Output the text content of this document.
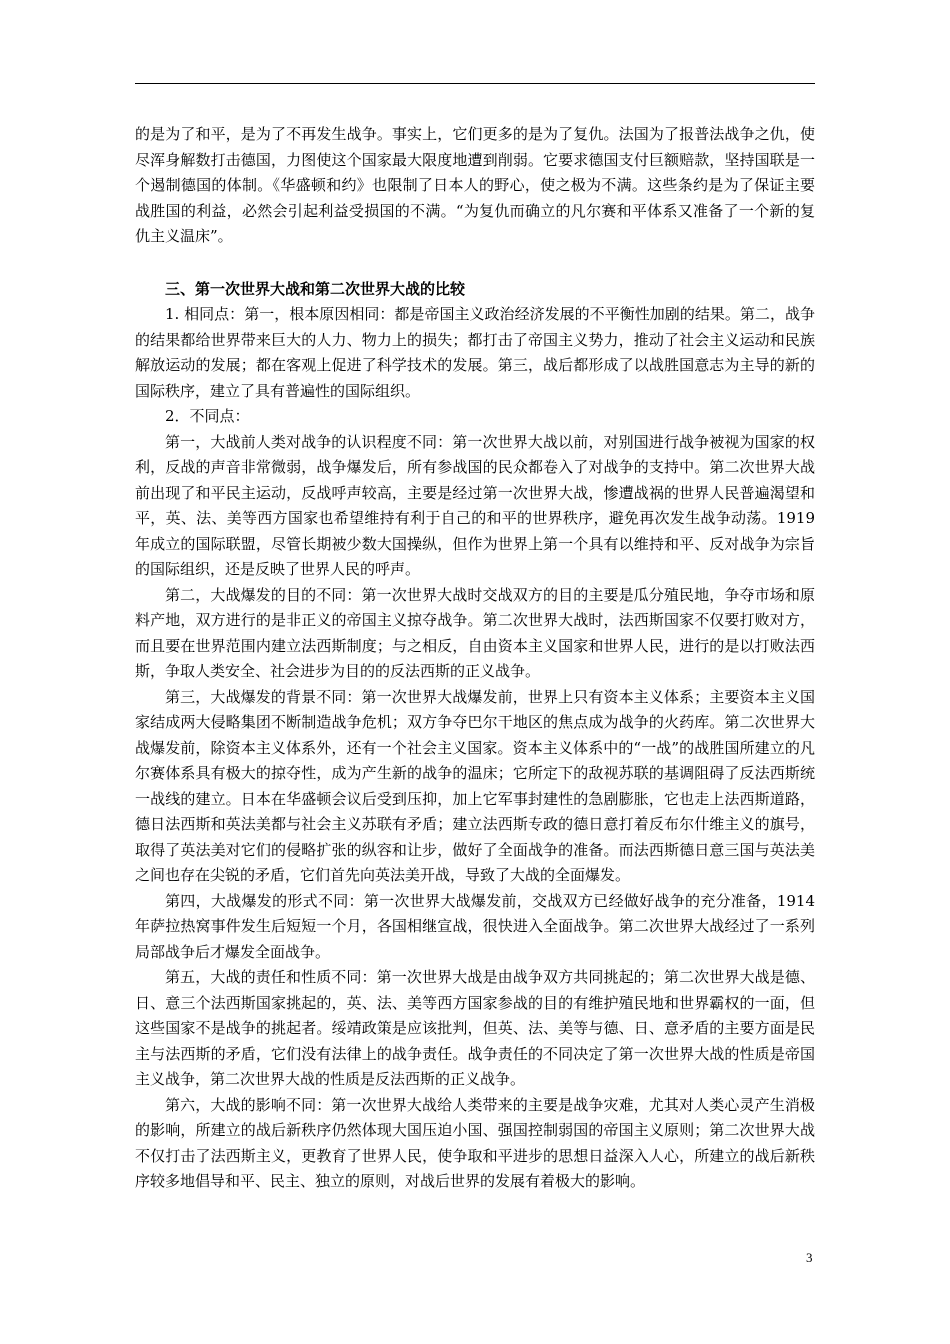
的是为了和平，是为了不再发生战争。事实上，它们更多的是为了复仇。法国为了报普法战争之仇，使尽浑身解数打击德国，力图使这个国家最大限度地遭到削弱。它要求德国支付巨额赔款，坚持国联是一个遏制德国的体制。《华盛顿和约》也限制了日本人的野心，使之极为不满。这些条约是为了保证主要战胜国的利益，必然会引起利益受损国的不满。“为复仇而确立的凡尔赛和平体系又准备了一个新的复仇主义温床”。

三、第一次世界大战和第二次世界大战的比较

1. 相同点：第一，根本原因相同：都是帝国主义政治经济发展的不平衡性加剧的结果。第二，战争的结果都给世界带来巨大的人力、物力上的损失；都打击了帝国主义势力，推动了社会主义运动和民族解放运动的发展；都在客观上促进了科学技术的发展。第三，战后都形成了以战胜国意志为主导的新的国际秩序，建立了具有普遍性的国际组织。

2．不同点：

第一，大战前人类对战争的认识程度不同：第一次世界大战以前，对别国进行战争被视为国家的权利，反战的声音非常微弱，战争爆发后，所有参战国的民众都卷入了对战争的支持中。第二次世界大战前出现了和平民主运动，反战呼声较高，主要是经过第一次世界大战，惨遭战祸的世界人民普遍渴望和平，英、法、美等西方国家也希望维持有利于自己的和平的世界秩序，避免再次发生战争动荡。1919 年成立的国际联盟，尽管长期被少数大国操纵，但作为世界上第一个具有以维持和平、反对战争为宗旨的国际组织，还是反映了世界人民的呼声。

第二，大战爆发的目的不同：第一次世界大战时交战双方的目的主要是瓜分殖民地，争夺市场和原料产地，双方进行的是非正义的帝国主义掠夺战争。第二次世界大战时，法西斯国家不仅要打败对方，而且要在世界范围内建立法西斯制度；与之相反，自由资本主义国家和世界人民，进行的是以打败法西斯，争取人类安全、社会进步为目的的反法西斯的正义战争。

第三，大战爆发的背景不同：第一次世界大战爆发前，世界上只有资本主义体系；主要资本主义国家结成两大侵略集团不断制造战争危机；双方争夺巴尔干地区的焦点成为战争的火药库。第二次世界大战爆发前，除资本主义体系外，还有一个社会主义国家。资本主义体系中的“一战”的战胜国所建立的凡尔赛体系具有极大的掠夺性，成为产生新的战争的温床；它所定下的敌视苏联的基调阻碍了反法西斯统一战线的建立。日本在华盛顿会议后受到压抑，加上它军事封建性的急剧膨胀，它也走上法西斯道路，德日法西斯和英法美都与社会主义苏联有矛盾；建立法西斯专政的德日意打着反布尔什维主义的旗号，取得了英法美对它们的侵略扩张的纵容和让步，做好了全面战争的准备。而法西斯德日意三国与英法美之间也存在尖锐的矛盾，它们首先向英法美开战，导致了大战的全面爆发。

第四，大战爆发的形式不同：第一次世界大战爆发前，交战双方已经做好战争的充分准备，1914 年萨拉热窝事件发生后短短一个月，各国相继宣战，很快进入全面战争。第二次世界大战经过了一系列局部战争后才爆发全面战争。

第五，大战的责任和性质不同：第一次世界大战是由战争双方共同挑起的；第二次世界大战是德、日、意三个法西斯国家挑起的，英、法、美等西方国家参战的目的有维护殖民地和世界霸权的一面，但这些国家不是战争的挑起者。绥靖政策是应该批判，但英、法、美等与德、日、意矛盾的主要方面是民主与法西斯的矛盾，它们没有法律上的战争责任。战争责任的不同决定了第一次世界大战的性质是帝国主义战争，第二次世界大战的性质是反法西斯的正义战争。

第六，大战的影响不同：第一次世界大战给人类带来的主要是战争灾难，尤其对人类心灵产生消极的影响，所建立的战后新秩序仍然体现大国压迫小国、强国控制弱国的帝国主义原则；第二次世界大战不仅打击了法西斯主义，更教育了世界人民，使争取和平进步的思想日益深入人心，所建立的战后新秩序较多地倡导和平、民主、独立的原则，对战后世界的发展有着极大的影响。

3
